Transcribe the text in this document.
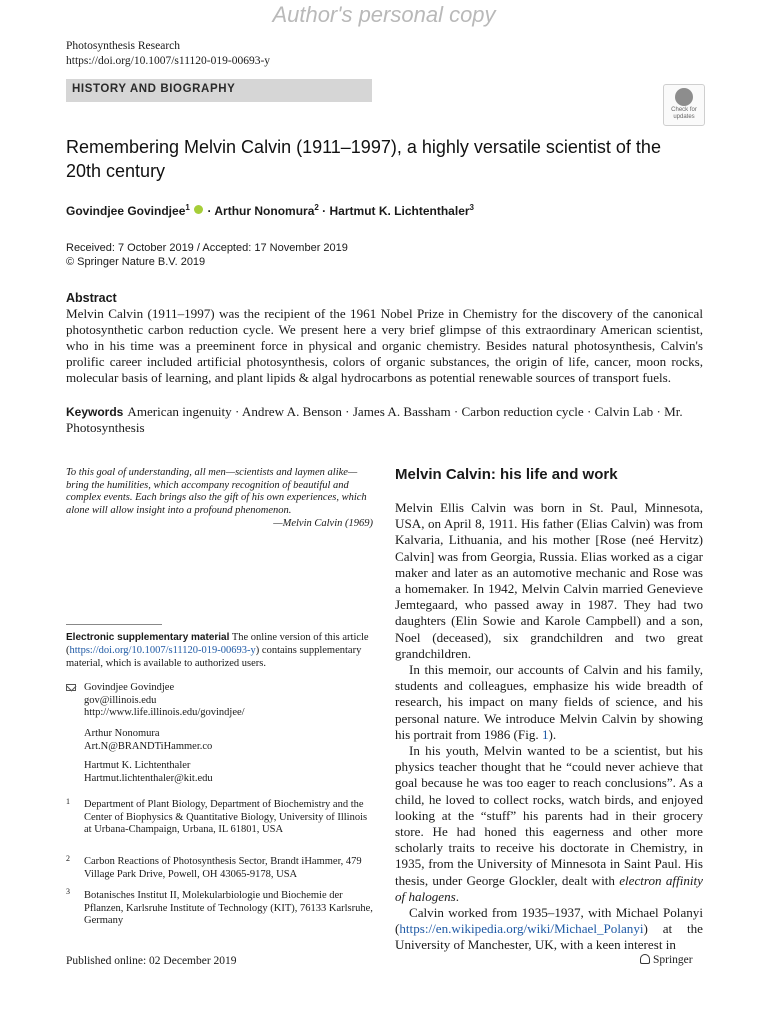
Author's personal copy
Photosynthesis Research
https://doi.org/10.1007/s11120-019-00693-y
HISTORY AND BIOGRAPHY
Check for
updates
Remembering Melvin Calvin (1911–1997), a highly versatile scientist of the 20th century
Govindjee Govindjee$^1$  · Arthur Nonomura$^2$ · Hartmut K. Lichtenthaler$^3$
Received: 7 October 2019 / Accepted: 17 November 2019
© Springer Nature B.V. 2019
Abstract

Melvin Calvin (1911–1997) was the recipient of the 1961 Nobel Prize in Chemistry for the discovery of the canonical photosynthetic carbon reduction cycle. We present here a very brief glimpse of this extraordinary American scientist, who in his time was a preeminent force in physical and organic chemistry. Besides natural photosynthesis, Calvin's prolific career included artificial photosynthesis, colors of organic substances, the origin of life, cancer, moon rocks, molecular basis of learning, and plant lipids & algal hydrocarbons as potential renewable sources of transport fuels.

Keywords American ingenuity · Andrew A. Benson · James A. Bassham · Carbon reduction cycle · Calvin Lab · Mr. Photosynthesis

To this goal of understanding, all men—scientists and laymen alike—bring the humilities, which accompany recognition of beautiful and complex events. Each brings also the gift of his own experiences, which alone will allow insight into a profound phenomenon.

—Melvin Calvin (1969)

Electronic supplementary material The online version of this article (https://doi.org/10.1007/s11120-019-00693-y) contains supplementary material, which is available to authorized users.

Govindjee Govindjee
gov@illinois.edu
http://www.life.illinois.edu/govindjee/
Arthur Nonomura
Art.N@BRANDTiHammer.co
Hartmut K. Lichtenthaler
Hartmut.lichtenthaler@kit.edu
1 Department of Plant Biology, Department of Biochemistry and the Center of Biophysics & Quantitative Biology, University of Illinois at Urbana-Champaign, Urbana, IL 61801, USA
2 Carbon Reactions of Photosynthesis Sector, Brandt iHammer, 479 Village Park Drive, Powell, OH 43065-9178, USA
3 Botanisches Institut II, Molekularbiologie und Biochemie der Pflanzen, Karlsruhe Institute of Technology (KIT), 76133 Karlsruhe, Germany
Melvin Calvin: his life and work

Melvin Ellis Calvin was born in St. Paul, Minnesota, USA, on April 8, 1911. His father (Elias Calvin) was from Kalvaria, Lithuania, and his mother [Rose (neé Hervitz) Calvin] was from Georgia, Russia. Elias worked as a cigar maker and later as an automotive mechanic and Rose was a homemaker. In 1942, Melvin Calvin married Genevieve Jemtegaard, who passed away in 1987. They had two daughters (Elin Sowie and Karole Campbell) and a son, Noel (deceased), six grandchildren and two great grandchildren.

In this memoir, our accounts of Calvin and his family, students and colleagues, emphasize his wide breadth of research, his impact on many fields of science, and his personal nature. We introduce Melvin Calvin by showing his portrait from 1986 (Fig. 1).

In his youth, Melvin wanted to be a scientist, but his physics teacher thought that he “could never achieve that goal because he was too eager to reach conclusions”. As a child, he loved to collect rocks, watch birds, and enjoyed looking at the “stuff” his parents had in their grocery store. He had honed this eagerness and other more scholarly traits to receive his doctorate in Chemistry, in 1935, from the University of Minnesota in Saint Paul. His thesis, under George Glockler, dealt with electron affinity of halogens.

Calvin worked from 1935–1937, with Michael Polanyi (https://en.wikipedia.org/wiki/Michael_Polanyi) at the University of Manchester, UK, with a keen interest in

Published online: 02 December 2019	Springer
